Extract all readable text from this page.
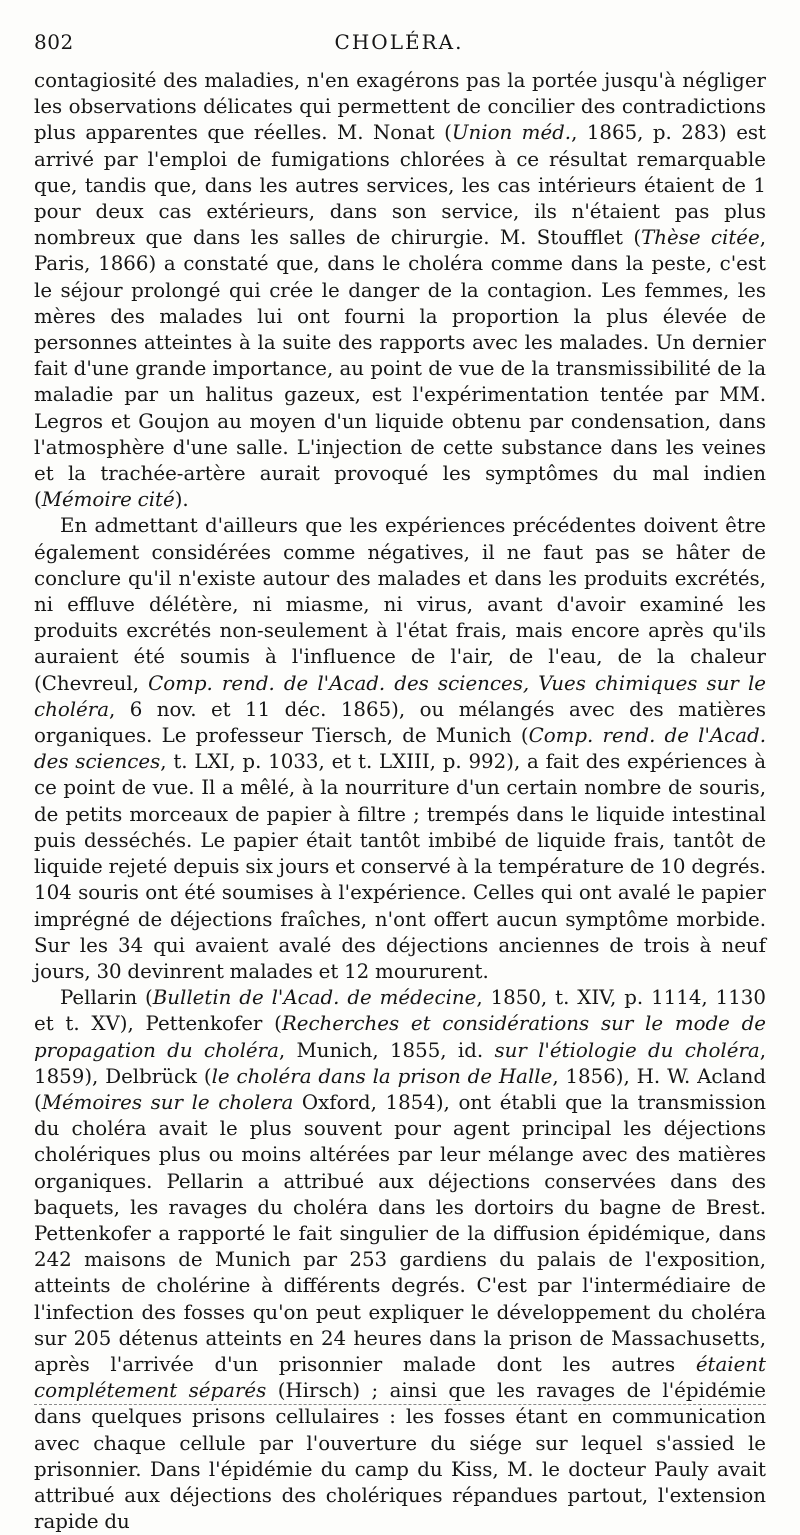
802	CHOLÉRA.

contagiosité des maladies, n'en exagérons pas la portée jusqu'à négliger les observations délicates qui permettent de concilier des contradictions plus apparentes que réelles. M. Nonat (Union méd., 1865, p. 283) est arrivé par l'emploi de fumigations chlorées à ce résultat remarquable que, tandis que, dans les autres services, les cas intérieurs étaient de 1 pour deux cas extérieurs, dans son service, ils n'étaient pas plus nombreux que dans les salles de chirurgie. M. Stoufflet (Thèse citée, Paris, 1866) a constaté que, dans le choléra comme dans la peste, c'est le séjour prolongé qui crée le danger de la contagion. Les femmes, les mères des malades lui ont fourni la proportion la plus élevée de personnes atteintes à la suite des rapports avec les malades. Un dernier fait d'une grande importance, au point de vue de la transmissibilité de la maladie par un halitus gazeux, est l'expérimentation tentée par MM. Legros et Goujon au moyen d'un liquide obtenu par condensation, dans l'atmosphère d'une salle. L'injection de cette substance dans les veines et la trachée-artère aurait provoqué les symptômes du mal indien (Mémoire cité).

En admettant d'ailleurs que les expériences précédentes doivent être également considérées comme négatives, il ne faut pas se hâter de conclure qu'il n'existe autour des malades et dans les produits excrétés, ni effluve délétère, ni miasme, ni virus, avant d'avoir examiné les produits excrétés non-seulement à l'état frais, mais encore après qu'ils auraient été soumis à l'influence de l'air, de l'eau, de la chaleur (Chevreul, Comp. rend. de l'Acad. des sciences, Vues chimiques sur le choléra, 6 nov. et 11 déc. 1865), ou mélangés avec des matières organiques. Le professeur Tiersch, de Munich (Comp. rend. de l'Acad. des sciences, t. LXI, p. 1033, et t. LXIII, p. 992), a fait des expériences à ce point de vue. Il a mêlé, à la nourriture d'un certain nombre de souris, de petits morceaux de papier à filtre ; trempés dans le liquide intestinal puis desséchés. Le papier était tantôt imbibé de liquide frais, tantôt de liquide rejeté depuis six jours et conservé à la température de 10 degrés. 104 souris ont été soumises à l'expérience. Celles qui ont avalé le papier imprégné de déjections fraîches, n'ont offert aucun symptôme morbide. Sur les 34 qui avaient avalé des déjections anciennes de trois à neuf jours, 30 devinrent malades et 12 moururent.

Pellarin (Bulletin de l'Acad. de médecine, 1850, t. XIV, p. 1114, 1130 et t. XV), Pettenkofer (Recherches et considérations sur le mode de propagation du choléra, Munich, 1855, id. sur l'étiologie du choléra, 1859), Delbrück (le choléra dans la prison de Halle, 1856), H. W. Acland (Mémoires sur le cholera Oxford, 1854), ont établi que la transmission du choléra avait le plus souvent pour agent principal les déjections cholériques plus ou moins altérées par leur mélange avec des matières organiques. Pellarin a attribué aux déjections conservées dans des baquets, les ravages du choléra dans les dortoirs du bagne de Brest. Pettenkofer a rapporté le fait singulier de la diffusion épidémique, dans 242 maisons de Munich par 253 gardiens du palais de l'exposition, atteints de cholérine à différents degrés. C'est par l'intermédiaire de l'infection des fosses qu'on peut expliquer le développement du choléra sur 205 détenus atteints en 24 heures dans la prison de Massachusetts, après l'arrivée d'un prisonnier malade dont les autres étaient complétement séparés (Hirsch) ; ainsi que les ravages de l'épidémie dans quelques prisons cellulaires : les fosses étant en communication avec chaque cellule par l'ouverture du siége sur lequel s'assied le prisonnier. Dans l'épidémie du camp du Kiss, M. le docteur Pauly avait attribué aux déjections des cholériques répandues partout, l'extension rapide du
